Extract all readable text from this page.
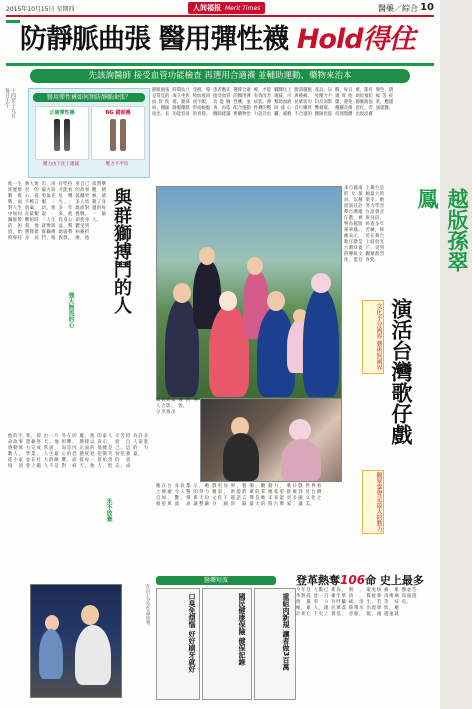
2015年10月15日 星期四	人间福报 Merit Times	醫藥／綜合 10
防靜脈曲張 醫用彈性襪 Hold得住
先該詢醫師 接受血管功能檢查 再選用合適襪 並輔助運動、藥物來治本
十四至十九日
每日上午	醫用彈性襪如何預防靜脈曲張？
正確彈性襪	NG 錯誤襪
壓力由下往上遞減	壓力不平均
靜脈曲張是常見的血管疾病，醫師指出，長時間站立或久坐族群，腿部靜脈瓣膜功能容易受損，導致血液回流不順，形成蜿蜒的青筋。患者應先接受血管功能檢查，再依醫師建議選擇合適的醫用彈性襪，並配合運動與藥物治療，才能有效改善症狀。彈性襪的壓力設計由腳踝往上遞減，可幫助血液回流心臟，減輕腿部腫脹與痠痛。民眾切勿自行購買不合適的產品，以免壓力不均反而影響循環。醫師也提醒，每日適度抬腿、避免翹腳及維持理想體重，都有助於預防靜脈曲張惡化。若出現皮膚變色、潰瘍等症狀，應儘速就醫。
他一生經歷無數挑戰，面對人生中如同獅群般的困境，始終保持強大無畏的心，從不輕言放棄。在最艱難的時刻，他選擇挺身而出，用毅力與勇氣克服一切。他說：「人生就像與群獅搏鬥，唯有堅持才能看見曙光。」多年來，他投身公益，幫助弱勢族群，用自己的故事鼓勵更多人勇敢面對挑戰。即使身體受到病痛折磨，他依然樂觀積極，感動了身邊的每一個人。 與群獅搏鬥的人
強大無畏的心
他的生命故事感動無數人。從小家境清寒，卻憑藉努力完成學業，並在社會上闖出一片天。他常說，人生最大的敵人不是外在的困難，而是內心的恐懼。面對病魔，他選擇以正面的態度迎接每一天。他的家人表示，他總是把微笑留給別人，把辛苦留給自己。這份堅強的意志，成為許多人前進的力量。
永不放棄
越版孫翠鳳
演活台灣歌仔戲
來自越南的女演員，以精湛演技詮釋台灣歌仔戲，被譽為越版孫翠鳳。她表示，歌仔戲是台灣珍貴的傳統文化，能登上舞台是她最大的榮幸。她努力學習台語發音與身段，經過多年苦練，終於在舞台上綻放光芒，受到觀眾熱烈喜愛。
文化不分國界 藝術無國界
觀眾掌聲是最大的動力
演員與家人合影，分享演出後的喜悅。
她在台上揮灑自如，唱腔與身段都令人驚艷。導演表示，她的努力與天份讓整齣戲更加精彩，文化不分國界，藝術能跨越語言的隔閡。觀眾的掌聲是她最大的動力，她希望未來能將台灣歌仔戲推廣到更多國家，讓世界看見台灣文化之美。
在台上分享生命故事。
醫藥短波
口臭免煩惱 好好刷牙就好	國民健康保險 健保記錄	重組肉新規 讓者做3百萬
登革熱奪106命 史上最多
今年登革熱疫情嚴峻，累計死亡人數已達一百零六人，創下史上新高。衛生單位呼籲民眾落實巡、倒、清、刷，清除積水容器，避免病媒蚊孳生。若出現發燒、頭痛、肌肉痠痛等症狀，應儘速就醫並告知旅遊史。
